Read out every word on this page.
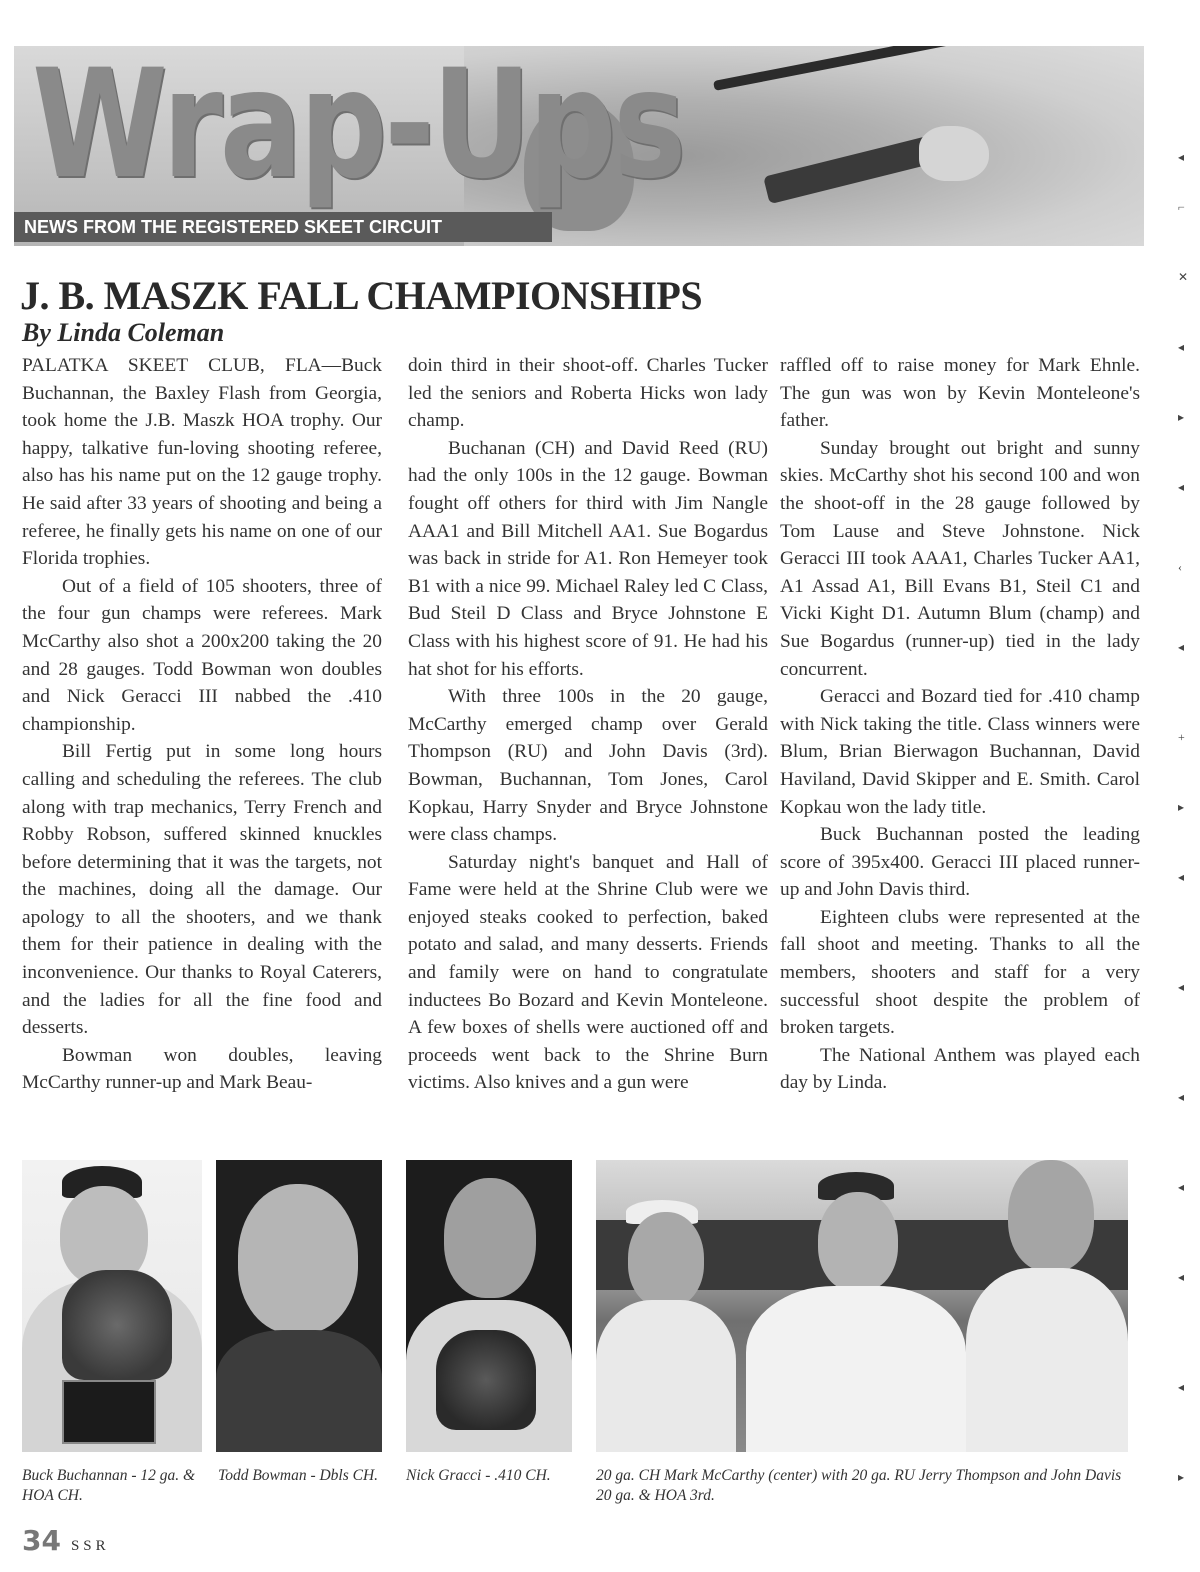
Wrap-Ups
NEWS FROM THE REGISTERED SKEET CIRCUIT
J. B. MASZK FALL CHAMPIONSHIPS
By Linda Coleman

PALATKA SKEET CLUB, FLA—Buck Buchannan, the Baxley Flash from Georgia, took home the J.B. Maszk HOA trophy. Our happy, talkative fun-loving shooting referee, also has his name put on the 12 gauge trophy. He said after 33 years of shooting and being a referee, he finally gets his name on one of our Florida trophies.

Out of a field of 105 shooters, three of the four gun champs were referees. Mark McCarthy also shot a 200x200 taking the 20 and 28 gauges. Todd Bowman won doubles and Nick Geracci III nabbed the .410 championship.

Bill Fertig put in some long hours calling and scheduling the referees. The club along with trap mechanics, Terry French and Robby Robson, suffered skinned knuckles before determining that it was the targets, not the machines, doing all the damage. Our apology to all the shooters, and we thank them for their patience in dealing with the inconvenience. Our thanks to Royal Caterers, and the ladies for all the fine food and desserts.

Bowman won doubles, leaving McCarthy runner-up and Mark Beau-

doin third in their shoot-off. Charles Tucker led the seniors and Roberta Hicks won lady champ.

Buchanan (CH) and David Reed (RU) had the only 100s in the 12 gauge. Bowman fought off others for third with Jim Nangle AAA1 and Bill Mitchell AA1. Sue Bogardus was back in stride for A1. Ron Hemeyer took B1 with a nice 99. Michael Raley led C Class, Bud Steil D Class and Bryce Johnstone E Class with his highest score of 91. He had his hat shot for his efforts.

With three 100s in the 20 gauge, McCarthy emerged champ over Gerald Thompson (RU) and John Davis (3rd). Bowman, Buchannan, Tom Jones, Carol Kopkau, Harry Snyder and Bryce Johnstone were class champs.

Saturday night's banquet and Hall of Fame were held at the Shrine Club were we enjoyed steaks cooked to perfection, baked potato and salad, and many desserts. Friends and family were on hand to congratulate inductees Bo Bozard and Kevin Monteleone. A few boxes of shells were auctioned off and proceeds went back to the Shrine Burn victims. Also knives and a gun were

raffled off to raise money for Mark Ehnle. The gun was won by Kevin Monteleone's father.

Sunday brought out bright and sunny skies. McCarthy shot his second 100 and won the shoot-off in the 28 gauge followed by Tom Lause and Steve Johnstone. Nick Geracci III took AAA1, Charles Tucker AA1, A1 Assad A1, Bill Evans B1, Steil C1 and Vicki Kight D1. Autumn Blum (champ) and Sue Bogardus (runner-up) tied in the lady concurrent.

Geracci and Bozard tied for .410 champ with Nick taking the title. Class winners were Blum, Brian Bierwagon Buchannan, David Haviland, David Skipper and E. Smith. Carol Kopkau won the lady title.

Buck Buchannan posted the leading score of 395x400. Geracci III placed runner-up and John Davis third.

Eighteen clubs were represented at the fall shoot and meeting. Thanks to all the members, shooters and staff for a very successful shoot despite the problem of broken targets.

The National Anthem was played each day by Linda.

Buck Buchannan - 12 ga. & HOA CH.
Todd Bowman - Dbls CH.	Nick Gracci - .410 CH.	20 ga. CH Mark McCarthy (center) with 20 ga. RU Jerry Thompson and John Davis 20 ga. & HOA 3rd.
34 SSR
◂
⌐
✕
◂
▸
◂
‹
◂
+
▸
◂
◂
◂
◂
◂
◂
▸
